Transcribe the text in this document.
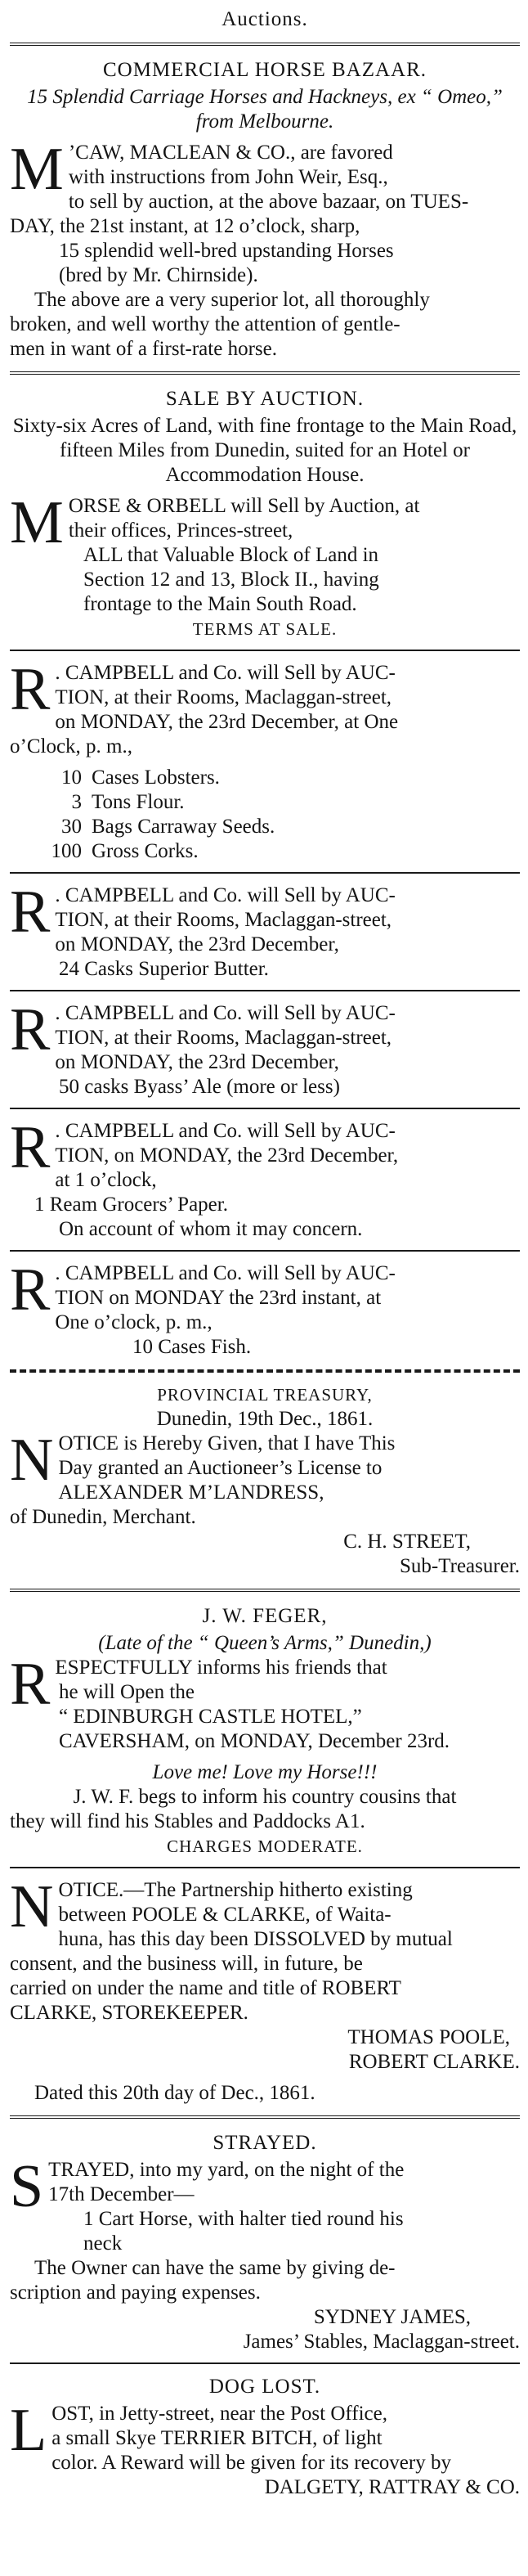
Auctions.
COMMERCIAL HORSE BAZAAR.
15 Splendid Carriage Horses and Hackneys, ex “ Omeo,” from Melbourne.
M ’CAW, MACLEAN & CO., are favored
with instructions from John Weir, Esq.,
to sell by auction, at the above bazaar, on TUES-
DAY, the 21st instant, at 12 o’clock, sharp,
15 splendid well-bred upstanding Horses
(bred by Mr. Chirnside).
The above are a very superior lot, all thoroughly
broken, and well worthy the attention of gentle-
men in want of a first-rate horse.
SALE BY AUCTION.
Sixty-six Acres of Land, with fine frontage to the Main Road, fifteen Miles from Dunedin, suited for an Hotel or Accommodation House.
M ORSE & ORBELL will Sell by Auction, at
their offices, Princes-street,
ALL that Valuable Block of Land in
Section 12 and 13, Block II., having
frontage to the Main South Road.
TERMS AT SALE.
R . CAMPBELL and Co. will Sell by AUC-
TION, at their Rooms, Maclaggan-street,
on MONDAY, the 23rd December, at One
o’Clock, p. m.,
10 Cases Lobsters.
3 Tons Flour.
30 Bags Carraway Seeds.
100 Gross Corks.
R . CAMPBELL and Co. will Sell by AUC-
TION, at their Rooms, Maclaggan-street,
on MONDAY, the 23rd December,
24 Casks Superior Butter.
R . CAMPBELL and Co. will Sell by AUC-
TION, at their Rooms, Maclaggan-street,
on MONDAY, the 23rd December,
50 casks Byass’ Ale (more or less)
R . CAMPBELL and Co. will Sell by AUC-
TION, on MONDAY, the 23rd December,
at 1 o’clock,
1 Ream Grocers’ Paper.
On account of whom it may concern.
R . CAMPBELL and Co. will Sell by AUC-
TION on MONDAY the 23rd instant, at
One o’clock, p. m.,
10 Cases Fish.
PROVINCIAL TREASURY,
Dunedin, 19th Dec., 1861.
N OTICE is Hereby Given, that I have This
Day granted an Auctioneer’s License to
ALEXANDER M’LANDRESS,
of Dunedin, Merchant.
C. H. STREET,
Sub-Treasurer.
J. W. FEGER,
(Late of the “ Queen’s Arms,” Dunedin,)
R ESPECTFULLY informs his friends that
he will Open the
“ EDINBURGH CASTLE HOTEL,”
CAVERSHAM, on MONDAY, December 23rd.
Love me! Love my Horse!!!
J. W. F. begs to inform his country cousins that
they will find his Stables and Paddocks A1.
CHARGES MODERATE.
N OTICE.—The Partnership hitherto existing
between POOLE & CLARKE, of Waita-
huna, has this day been DISSOLVED by mutual
consent, and the business will, in future, be
carried on under the name and title of ROBERT
CLARKE, STOREKEEPER.
THOMAS POOLE,
ROBERT CLARKE.
Dated this 20th day of Dec., 1861.
STRAYED.
S TRAYED, into my yard, on the night of the
17th December—
1 Cart Horse, with halter tied round his
neck
The Owner can have the same by giving de-
scription and paying expenses.
SYDNEY JAMES,
James’ Stables, Maclaggan-street.
DOG LOST.
L OST, in Jetty-street, near the Post Office,
a small Skye TERRIER BITCH, of light
color. A Reward will be given for its recovery by
DALGETY, RATTRAY & CO.
